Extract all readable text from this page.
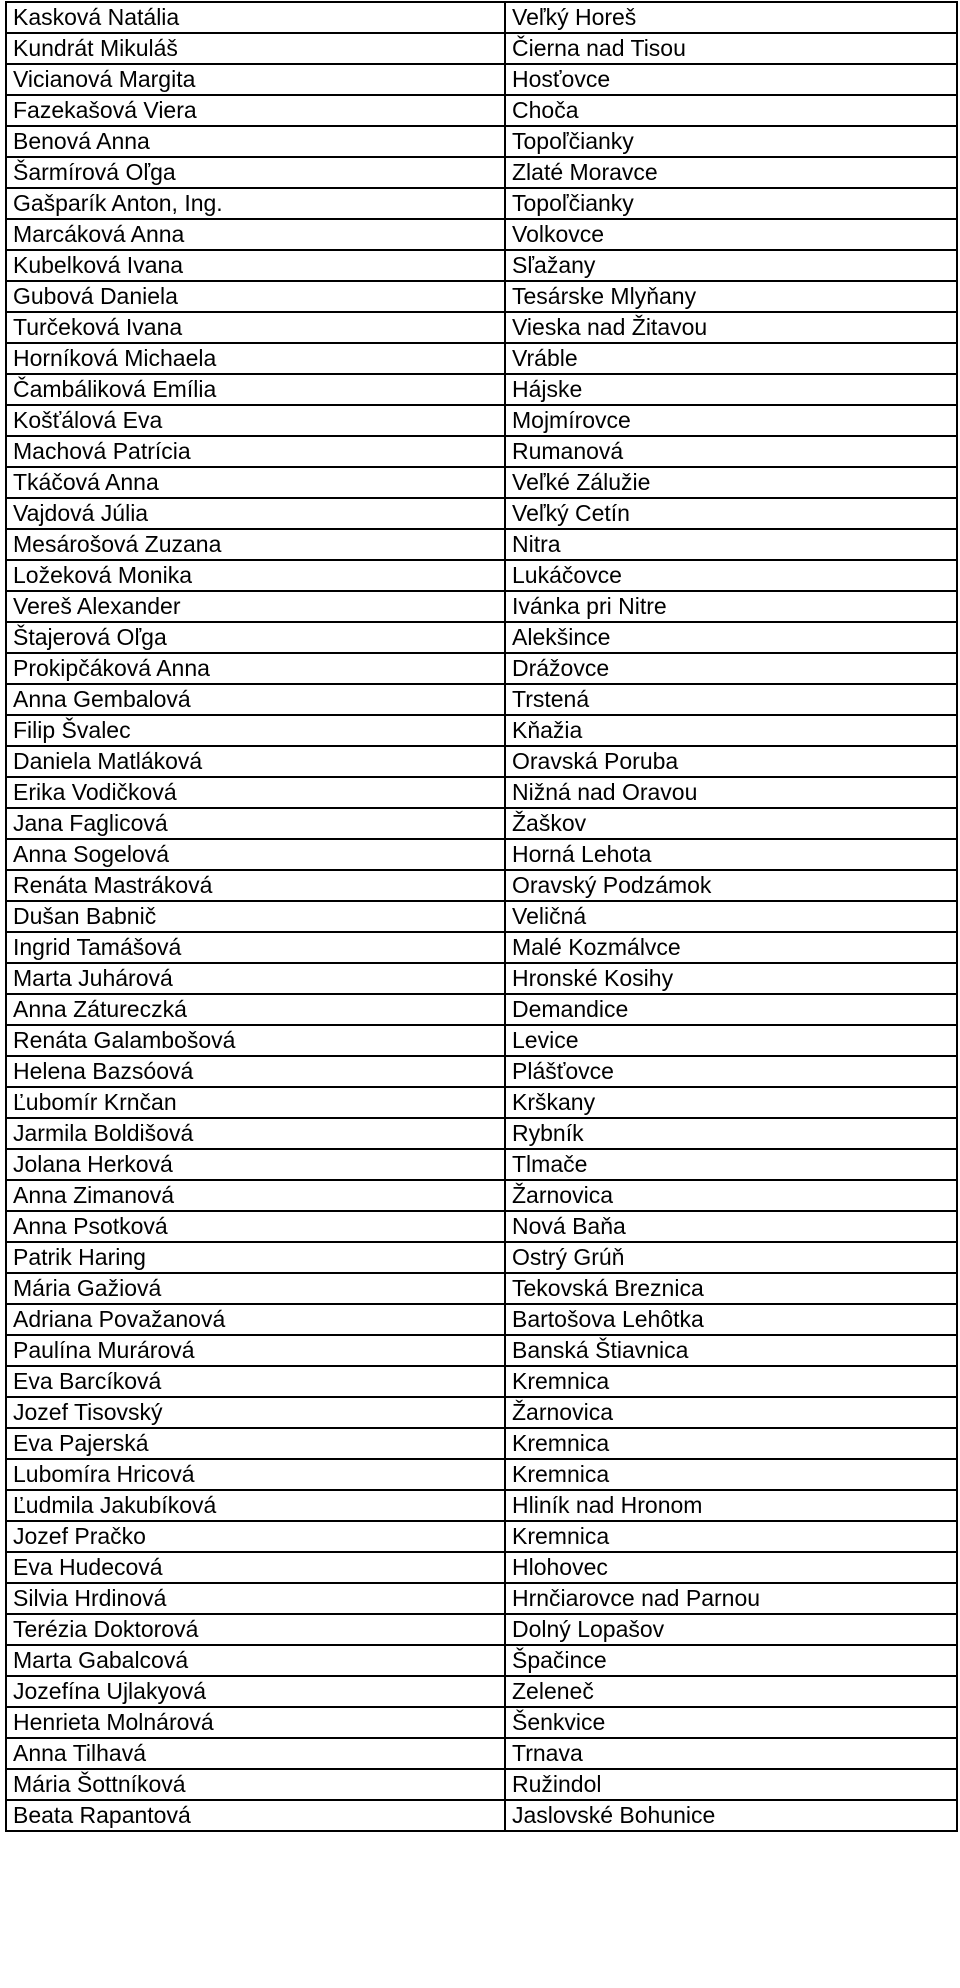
Kasková Natália	Veľký Horeš
Kundrát Mikuláš	Čierna nad Tisou
Vicianová Margita	Hosťovce
Fazekašová Viera	Choča
Benová Anna	Topoľčianky
Šarmírová Oľga	Zlaté Moravce
Gašparík Anton, Ing.	Topoľčianky
Marcáková Anna	Volkovce
Kubelková Ivana	Sľažany
Gubová Daniela	Tesárske Mlyňany
Turčeková Ivana	Vieska nad Žitavou
Horníková Michaela	Vráble
Čambáliková Emília	Hájske
Košťálová Eva	Mojmírovce
Machová Patrícia	Rumanová
Tkáčová Anna	Veľké Zálužie
Vajdová Júlia	Veľký Cetín
Mesárošová Zuzana	Nitra
Ložeková Monika	Lukáčovce
Vereš Alexander	Ivánka pri Nitre
Štajerová Oľga	Alekšince
Prokipčáková Anna	Drážovce
Anna Gembalová	Trstená
Filip Švalec	Kňažia
Daniela Matláková	Oravská Poruba
Erika Vodičková	Nižná nad Oravou
Jana Faglicová	Žaškov
Anna Sogelová	Horná Lehota
Renáta Mastráková	Oravský Podzámok
Dušan Babnič	Veličná
Ingrid Tamášová	Malé Kozmálvce
Marta Juhárová	Hronské Kosihy
Anna Zátureczká	Demandice
Renáta Galambošová	Levice
Helena Bazsóová	Plášťovce
Ľubomír Krnčan	Krškany
Jarmila Boldišová	Rybník
Jolana Herková	Tlmače
Anna Zimanová	Žarnovica
Anna Psotková	Nová Baňa
Patrik Haring	Ostrý Grúň
Mária Gažiová	Tekovská Breznica
Adriana Považanová	Bartošova Lehôtka
Paulína Murárová	Banská Štiavnica
Eva Barcíková	Kremnica
Jozef Tisovský	Žarnovica
Eva Pajerská	Kremnica
Lubomíra Hricová	Kremnica
Ľudmila Jakubíková	Hliník nad Hronom
Jozef Pračko	Kremnica
Eva Hudecová	Hlohovec
Silvia Hrdinová	Hrnčiarovce nad Parnou
Terézia Doktorová	Dolný Lopašov
Marta Gabalcová	Špačince
Jozefína Ujlakyová	Zeleneč
Henrieta Molnárová	Šenkvice
Anna Tilhavá	Trnava
Mária Šottníková	Ružindol
Beata Rapantová	Jaslovské Bohunice
